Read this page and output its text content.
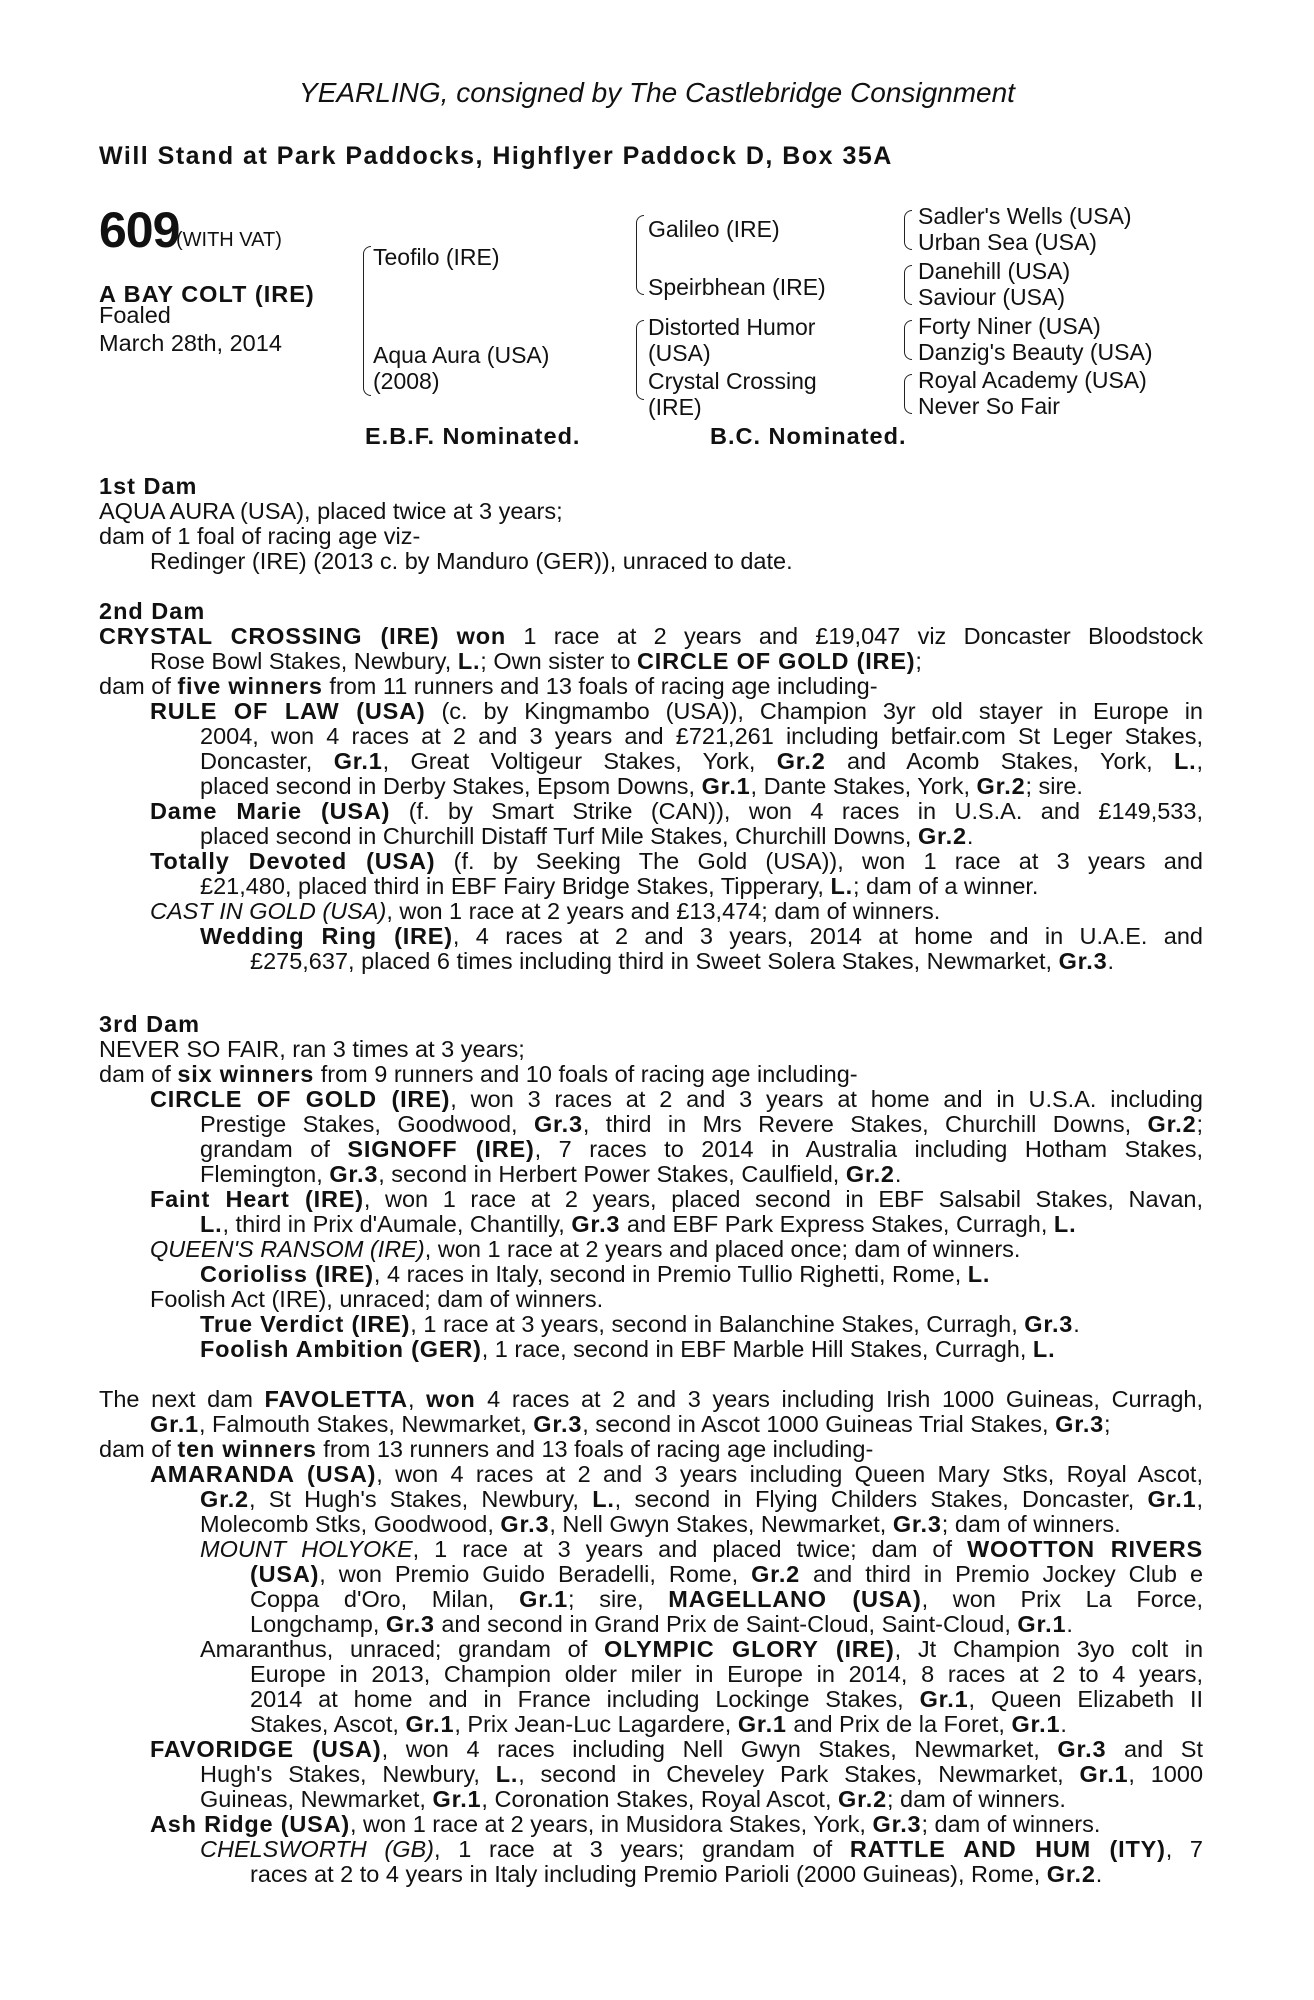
YEARLING, consigned by The Castlebridge Consignment
Will Stand at Park Paddocks, Highflyer Paddock D, Box 35A
609
(WITH VAT)
A BAY COLT (IRE)
Foaled
March 28th, 2014
Teofilo (IRE)
Aqua Aura (USA)
(2008)
Galileo (IRE)
Speirbhean (IRE)
Distorted Humor
(USA)
Crystal Crossing
(IRE)
Sadler's Wells (USA)
Urban Sea (USA)
Danehill (USA)
Saviour (USA)
Forty Niner (USA)
Danzig's Beauty (USA)
Royal Academy (USA)
Never So Fair
E.B.F. Nominated.	B.C. Nominated.
1st Dam
AQUA AURA (USA), placed twice at 3 years;
dam of 1 foal of racing age viz-
Redinger (IRE) (2013 c. by Manduro (GER)), unraced to date.
2nd Dam
CRYSTAL CROSSING (IRE) won 1 race at 2 years and £19,047 viz Doncaster Bloodstock
Rose Bowl Stakes, Newbury, L.; Own sister to CIRCLE OF GOLD (IRE);
dam of five winners from 11 runners and 13 foals of racing age including-
RULE OF LAW (USA) (c. by Kingmambo (USA)), Champion 3yr old stayer in Europe in
2004, won 4 races at 2 and 3 years and £721,261 including betfair.com St Leger Stakes,
Doncaster, Gr.1, Great Voltigeur Stakes, York, Gr.2 and Acomb Stakes, York, L.,
placed second in Derby Stakes, Epsom Downs, Gr.1, Dante Stakes, York, Gr.2; sire.
Dame Marie (USA) (f. by Smart Strike (CAN)), won 4 races in U.S.A. and £149,533,
placed second in Churchill Distaff Turf Mile Stakes, Churchill Downs, Gr.2.
Totally Devoted (USA) (f. by Seeking The Gold (USA)), won 1 race at 3 years and
£21,480, placed third in EBF Fairy Bridge Stakes, Tipperary, L.; dam of a winner.
CAST IN GOLD (USA), won 1 race at 2 years and £13,474; dam of winners.
Wedding Ring (IRE), 4 races at 2 and 3 years, 2014 at home and in U.A.E. and
£275,637, placed 6 times including third in Sweet Solera Stakes, Newmarket, Gr.3.
3rd Dam
NEVER SO FAIR, ran 3 times at 3 years;
dam of six winners from 9 runners and 10 foals of racing age including-
CIRCLE OF GOLD (IRE), won 3 races at 2 and 3 years at home and in U.S.A. including
Prestige Stakes, Goodwood, Gr.3, third in Mrs Revere Stakes, Churchill Downs, Gr.2;
grandam of SIGNOFF (IRE), 7 races to 2014 in Australia including Hotham Stakes,
Flemington, Gr.3, second in Herbert Power Stakes, Caulfield, Gr.2.
Faint Heart (IRE), won 1 race at 2 years, placed second in EBF Salsabil Stakes, Navan,
L., third in Prix d'Aumale, Chantilly, Gr.3 and EBF Park Express Stakes, Curragh, L.
QUEEN'S RANSOM (IRE), won 1 race at 2 years and placed once; dam of winners.
Corioliss (IRE), 4 races in Italy, second in Premio Tullio Righetti, Rome, L.
Foolish Act (IRE), unraced; dam of winners.
True Verdict (IRE), 1 race at 3 years, second in Balanchine Stakes, Curragh, Gr.3.
Foolish Ambition (GER), 1 race, second in EBF Marble Hill Stakes, Curragh, L.
The next dam FAVOLETTA, won 4 races at 2 and 3 years including Irish 1000 Guineas, Curragh,
Gr.1, Falmouth Stakes, Newmarket, Gr.3, second in Ascot 1000 Guineas Trial Stakes, Gr.3;
dam of ten winners from 13 runners and 13 foals of racing age including-
AMARANDA (USA), won 4 races at 2 and 3 years including Queen Mary Stks, Royal Ascot,
Gr.2, St Hugh's Stakes, Newbury, L., second in Flying Childers Stakes, Doncaster, Gr.1,
Molecomb Stks, Goodwood, Gr.3, Nell Gwyn Stakes, Newmarket, Gr.3; dam of winners.
MOUNT HOLYOKE, 1 race at 3 years and placed twice; dam of WOOTTON RIVERS
(USA), won Premio Guido Beradelli, Rome, Gr.2 and third in Premio Jockey Club e
Coppa d'Oro, Milan, Gr.1; sire, MAGELLANO (USA), won Prix La Force,
Longchamp, Gr.3 and second in Grand Prix de Saint-Cloud, Saint-Cloud, Gr.1.
Amaranthus, unraced; grandam of OLYMPIC GLORY (IRE), Jt Champion 3yo colt in
Europe in 2013, Champion older miler in Europe in 2014, 8 races at 2 to 4 years,
2014 at home and in France including Lockinge Stakes, Gr.1, Queen Elizabeth II
Stakes, Ascot, Gr.1, Prix Jean-Luc Lagardere, Gr.1 and Prix de la Foret, Gr.1.
FAVORIDGE (USA), won 4 races including Nell Gwyn Stakes, Newmarket, Gr.3 and St
Hugh's Stakes, Newbury, L., second in Cheveley Park Stakes, Newmarket, Gr.1, 1000
Guineas, Newmarket, Gr.1, Coronation Stakes, Royal Ascot, Gr.2; dam of winners.
Ash Ridge (USA), won 1 race at 2 years, in Musidora Stakes, York, Gr.3; dam of winners.
CHELSWORTH (GB), 1 race at 3 years; grandam of RATTLE AND HUM (ITY), 7
races at 2 to 4 years in Italy including Premio Parioli (2000 Guineas), Rome, Gr.2.
